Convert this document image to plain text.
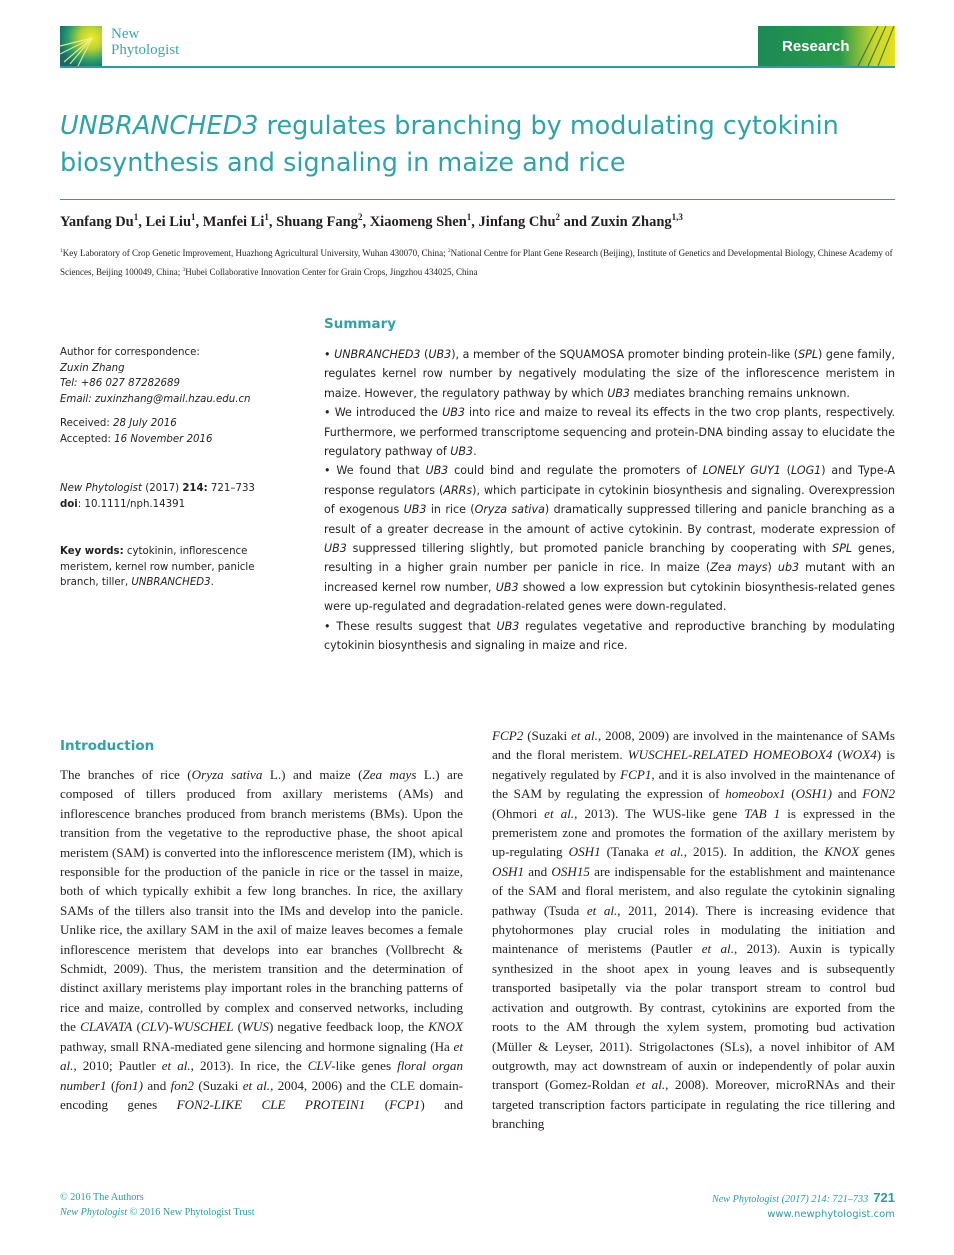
New
Phytologist	Research
UNBRANCHED3 regulates branching by modulating cytokinin biosynthesis and signaling in maize and rice
Yanfang Du$^1$, Lei Liu$^1$, Manfei Li$^1$, Shuang Fang$^2$, Xiaomeng Shen$^1$, Jinfang Chu$^2$ and Zuxin Zhang$^{1,3}$
$^1$Key Laboratory of Crop Genetic Improvement, Huazhong Agricultural University, Wuhan 430070, China; $^2$National Centre for Plant Gene Research (Beijing), Institute of Genetics and Developmental Biology, Chinese Academy of Sciences, Beijing 100049, China; $^3$Hubei Collaborative Innovation Center for Grain Crops, Jingzhou 434025, China
Author for correspondence:
Zuxin Zhang
Tel: +86 027 87282689
Email: zuxinzhang@mail.hzau.edu.cn
Received: 28 July 2016
Accepted: 16 November 2016
New Phytologist (2017) 214: 721–733
doi: 10.1111/nph.14391
Key words: cytokinin, inflorescence meristem, kernel row number, panicle branch, tiller, UNBRANCHED3.
Summary

• UNBRANCHED3 (UB3), a member of the SQUAMOSA promoter binding protein-like (SPL) gene family, regulates kernel row number by negatively modulating the size of the inflorescence meristem in maize. However, the regulatory pathway by which UB3 mediates branching remains unknown.

• We introduced the UB3 into rice and maize to reveal its effects in the two crop plants, respectively. Furthermore, we performed transcriptome sequencing and protein-DNA binding assay to elucidate the regulatory pathway of UB3.

• We found that UB3 could bind and regulate the promoters of LONELY GUY1 (LOG1) and Type-A response regulators (ARRs), which participate in cytokinin biosynthesis and signaling. Overexpression of exogenous UB3 in rice (Oryza sativa) dramatically suppressed tillering and panicle branching as a result of a greater decrease in the amount of active cytokinin. By contrast, moderate expression of UB3 suppressed tillering slightly, but promoted panicle branching by cooperating with SPL genes, resulting in a higher grain number per panicle in rice. In maize (Zea mays) ub3 mutant with an increased kernel row number, UB3 showed a low expression but cytokinin biosynthesis-related genes were up-regulated and degradation-related genes were down-regulated.

• These results suggest that UB3 regulates vegetative and reproductive branching by modulating cytokinin biosynthesis and signaling in maize and rice.

Introduction
The branches of rice (Oryza sativa L.) and maize (Zea mays L.) are composed of tillers produced from axillary meristems (AMs) and inflorescence branches produced from branch meristems (BMs). Upon the transition from the vegetative to the reproductive phase, the shoot apical meristem (SAM) is converted into the inflorescence meristem (IM), which is responsible for the production of the panicle in rice or the tassel in maize, both of which typically exhibit a few long branches. In rice, the axillary SAMs of the tillers also transit into the IMs and develop into the panicle. Unlike rice, the axillary SAM in the axil of maize leaves becomes a female inflorescence meristem that develops into ear branches (Vollbrecht & Schmidt, 2009). Thus, the meristem transition and the determination of distinct axillary meristems play important roles in the branching patterns of rice and maize, controlled by complex and conserved networks, including the CLAVATA (CLV)-WUSCHEL (WUS) negative feedback loop, the KNOX pathway, small RNA-mediated gene silencing and hormone signaling (Ha et al., 2010; Pautler et al., 2013). In rice, the CLV-like genes floral organ number1 (fon1) and fon2 (Suzaki et al., 2004, 2006) and the CLE domain-encoding genes FON2-LIKE CLE PROTEIN1 (FCP1) and
FCP2 (Suzaki et al., 2008, 2009) are involved in the maintenance of SAMs and the floral meristem. WUSCHEL-RELATED HOMEOBOX4 (WOX4) is negatively regulated by FCP1, and it is also involved in the maintenance of the SAM by regulating the expression of homeobox1 (OSH1) and FON2 (Ohmori et al., 2013). The WUS-like gene TAB 1 is expressed in the premeristem zone and promotes the formation of the axillary meristem by up-regulating OSH1 (Tanaka et al., 2015). In addition, the KNOX genes OSH1 and OSH15 are indispensable for the establishment and maintenance of the SAM and floral meristem, and also regulate the cytokinin signaling pathway (Tsuda et al., 2011, 2014). There is increasing evidence that phytohormones play crucial roles in modulating the initiation and maintenance of meristems (Pautler et al., 2013). Auxin is typically synthesized in the shoot apex in young leaves and is subsequently transported basipetally via the polar transport stream to control bud activation and outgrowth. By contrast, cytokinins are exported from the roots to the AM through the xylem system, promoting bud activation (Müller & Leyser, 2011). Strigolactones (SLs), a novel inhibitor of AM outgrowth, may act downstream of auxin or independently of polar auxin transport (Gomez-Roldan et al., 2008). Moreover, microRNAs and their targeted transcription factors participate in regulating the rice tillering and branching
© 2016 The Authors
New Phytologist © 2016 New Phytologist Trust
New Phytologist (2017) 214: 721–733 721
www.newphytologist.com
